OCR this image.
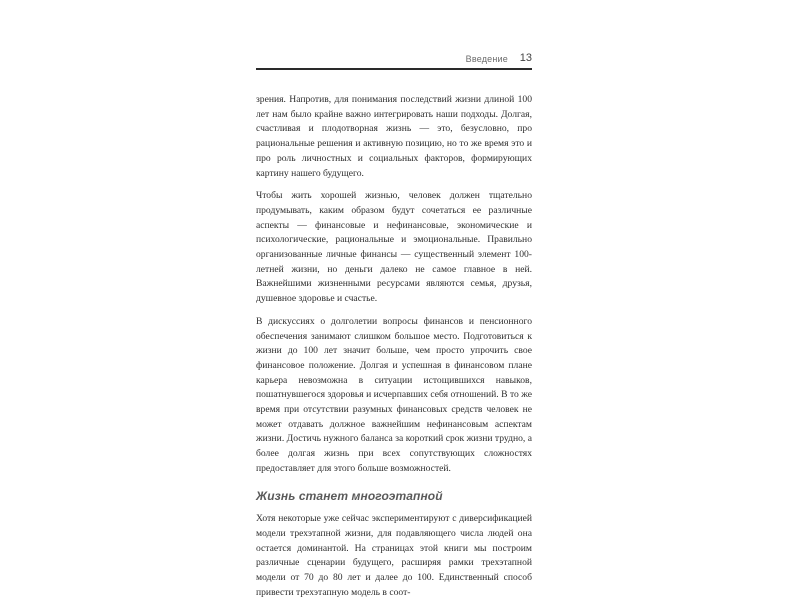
Введение 13

зрения. Напротив, для понимания последствий жизни длиной 100 лет нам было крайне важно интегрировать наши подходы. Долгая, счастливая и плодотворная жизнь — это, безусловно, про рациональные решения и активную позицию, но то же время это и про роль личностных и социальных факторов, формирующих картину нашего будущего.

Чтобы жить хорошей жизнью, человек должен тщательно продумывать, каким образом будут сочетаться ее различные аспекты — финансовые и нефинансовые, экономические и психологические, рациональные и эмоциональные. Правильно организованные личные финансы — существенный элемент 100-летней жизни, но деньги далеко не самое главное в ней. Важнейшими жизненными ресурсами являются семья, друзья, душевное здоровье и счастье.

В дискуссиях о долголетии вопросы финансов и пенсионного обеспечения занимают слишком большое место. Подготовиться к жизни до 100 лет значит больше, чем просто упрочить свое финансовое положение. Долгая и успешная в финансовом плане карьера невозможна в ситуации истощившихся навыков, пошатнувшегося здоровья и исчерпавших себя отношений. В то же время при отсутствии разумных финансовых средств человек не может отдавать должное важнейшим нефинансовым аспектам жизни. Достичь нужного баланса за короткий срок жизни трудно, а более долгая жизнь при всех сопутствующих сложностях предоставляет для этого больше возможностей.

Жизнь станет многоэтапной

Хотя некоторые уже сейчас экспериментируют с диверсификацией модели трехэтапной жизни, для подавляющего числа людей она остается доминантой. На страницах этой книги мы построим различные сценарии будущего, расширяя рамки трехэтапной модели от 70 до 80 лет и далее до 100. Единственный способ привести трехэтапную модель в соот-
